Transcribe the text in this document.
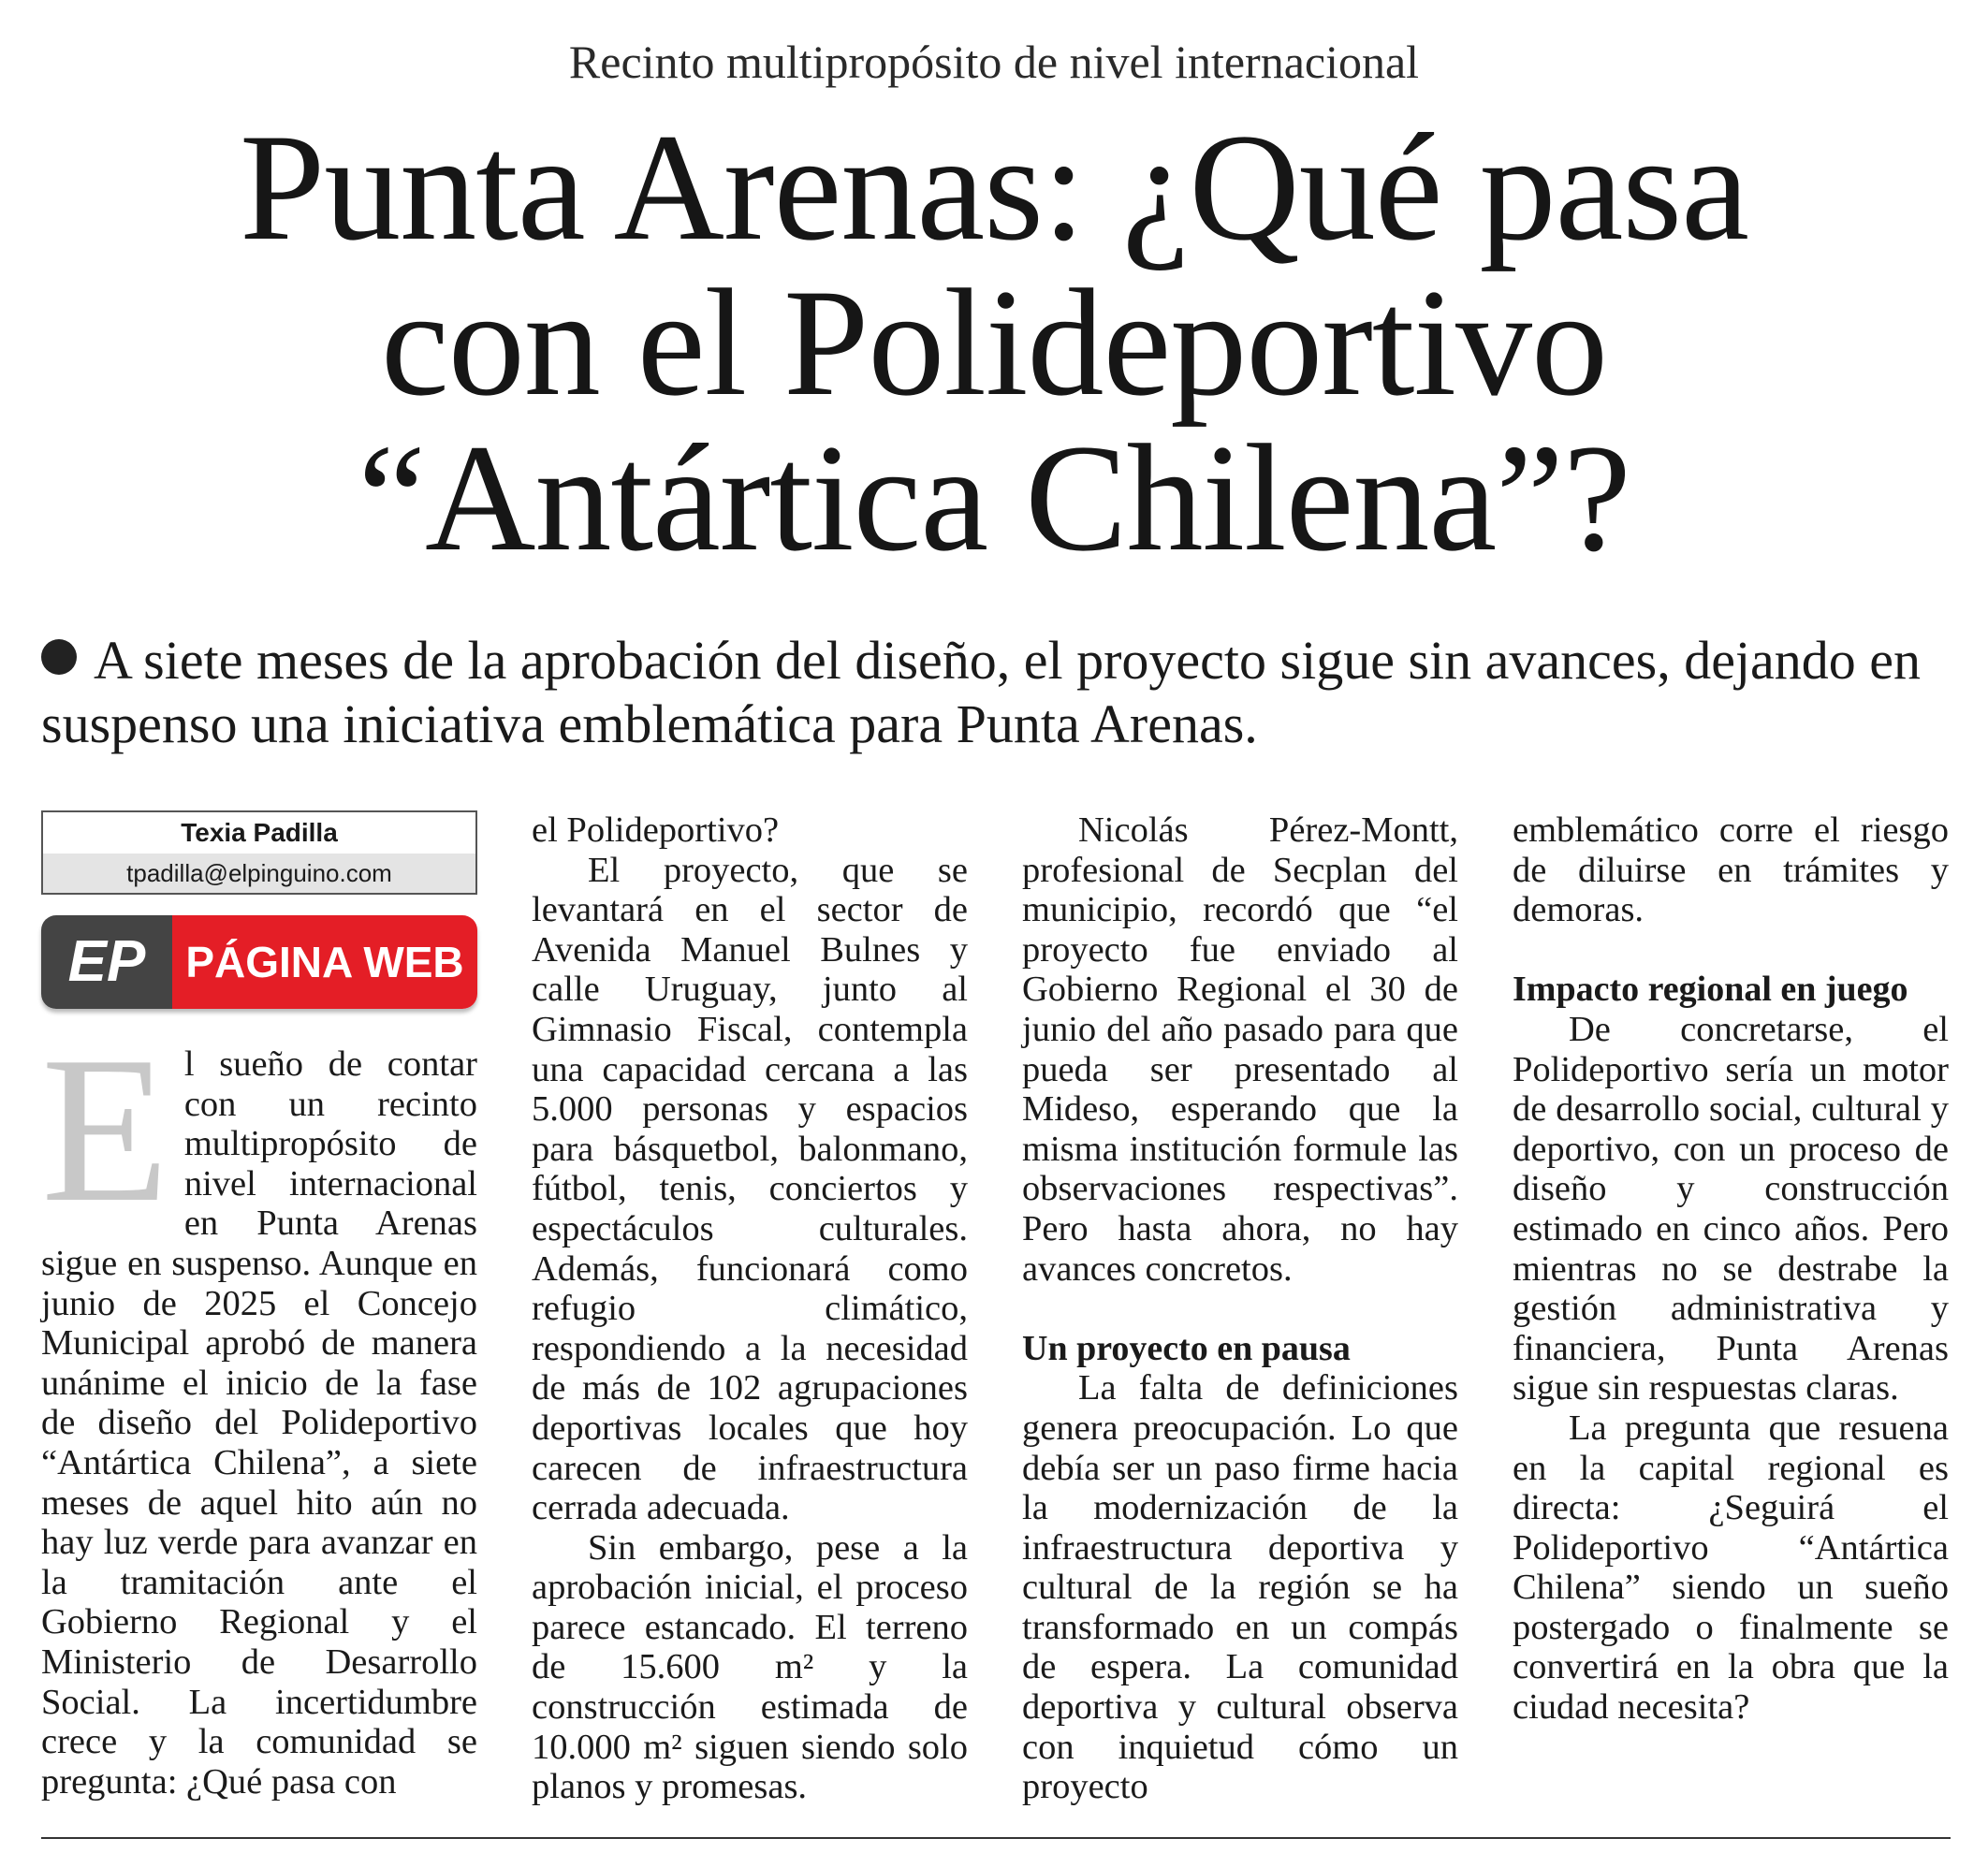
Recinto multipropósito de nivel internacional
Punta Arenas: ¿Qué pasa
con el Polideportivo
“Antártica Chilena”?

A siete meses de la aprobación del diseño, el proyecto sigue sin avances, dejando en suspenso una iniciativa emblemática para Punta Arenas.

Texia Padilla
tpadilla@elpinguino.com
EP PÁGINA WEB

El sueño de contar con un recinto multipropósito de nivel internacional en Punta Arenas sigue en suspenso. Aunque en junio de 2025 el Concejo Municipal aprobó de manera unánime el inicio de la fase de diseño del Polideportivo “Antártica Chilena”, a siete meses de aquel hito aún no hay luz verde para avanzar en la tramitación ante el Gobierno Regional y el Ministerio de Desarrollo Social. La incertidumbre crece y la comunidad se pregunta: ¿Qué pasa con

el Polideportivo?

El proyecto, que se levantará en el sector de Avenida Manuel Bulnes y calle Uruguay, junto al Gimnasio Fiscal, contempla una capacidad cercana a las 5.000 personas y espacios para básquetbol, balonmano, fútbol, tenis, conciertos y espectáculos culturales. Además, funcionará como refugio climático, respondiendo a la necesidad de más de 102 agrupaciones deportivas locales que hoy carecen de infraestructura cerrada adecuada.

Sin embargo, pese a la aprobación inicial, el proceso parece estancado. El terreno de 15.600 m² y la construcción estimada de 10.000 m² siguen siendo solo planos y promesas.

Nicolás Pérez-Montt, profesional de Secplan del municipio, recordó que “el proyecto fue enviado al Gobierno Regional el 30 de junio del año pasado para que pueda ser presentado al Mideso, esperando que la misma institución formule las observaciones respectivas”. Pero hasta ahora, no hay avances concretos.

Un proyecto en pausa

La falta de definiciones genera preocupación. Lo que debía ser un paso firme hacia la modernización de la infraestructura deportiva y cultural de la región se ha transformado en un compás de espera. La comunidad deportiva y cultural observa con inquietud cómo un proyecto

emblemático corre el riesgo de diluirse en trámites y demoras.

Impacto regional en juego

De concretarse, el Polideportivo sería un motor de desarrollo social, cultural y deportivo, con un proceso de diseño y construcción estimado en cinco años. Pero mientras no se destrabe la gestión administrativa y financiera, Punta Arenas sigue sin respuestas claras.

La pregunta que resuena en la capital regional es directa: ¿Seguirá el Polideportivo “Antártica Chilena” siendo un sueño postergado o finalmente se convertirá en la obra que la ciudad necesita?
